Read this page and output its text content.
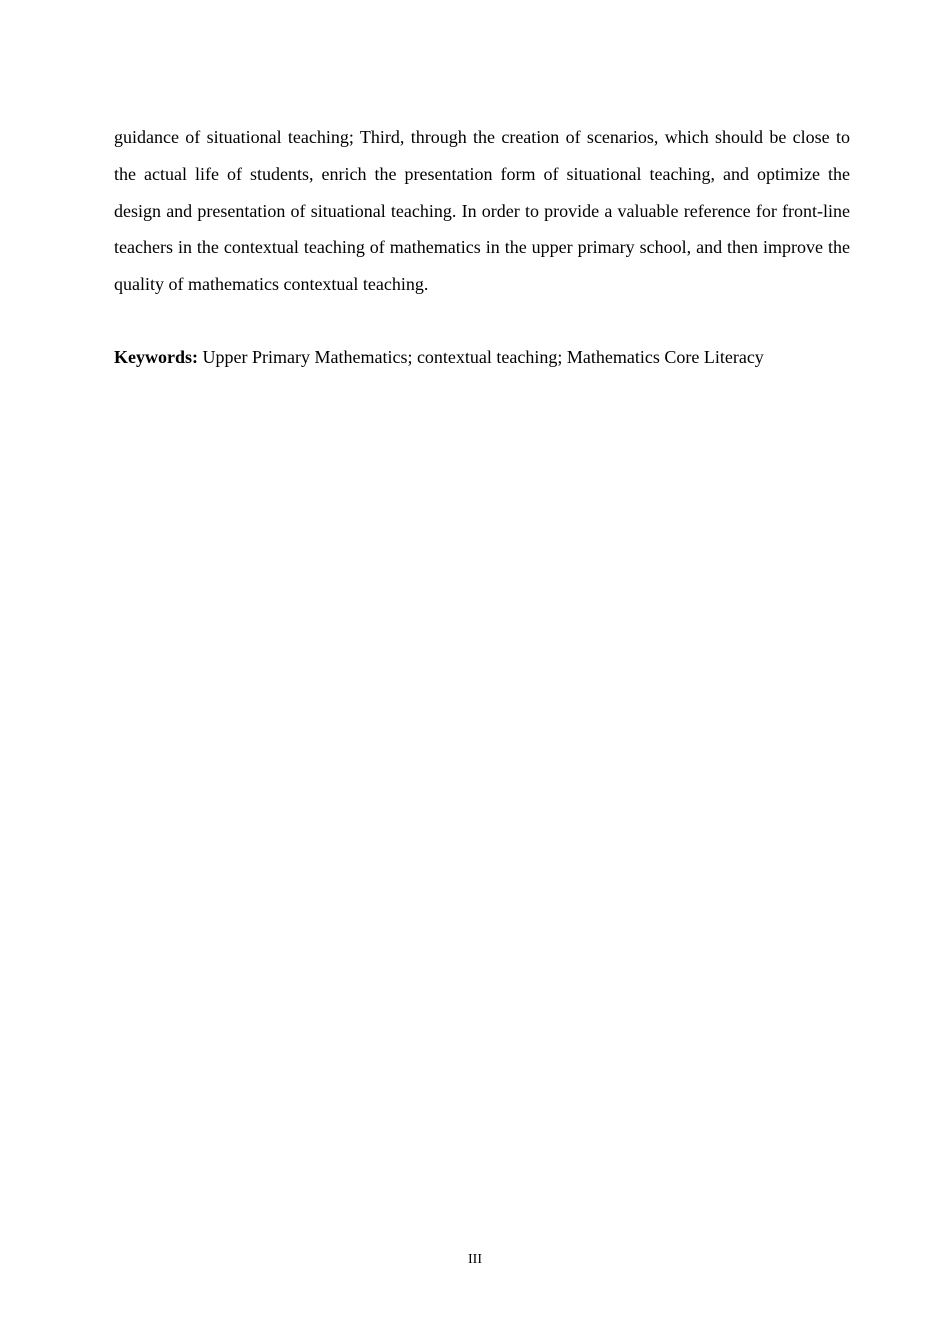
guidance of situational teaching; Third, through the creation of scenarios, which should be close to the actual life of students, enrich the presentation form of situational teaching, and optimize the design and presentation of situational teaching. In order to provide a valuable reference for front-line teachers in the contextual teaching of mathematics in the upper primary school, and then improve the quality of mathematics contextual teaching.

Keywords: Upper Primary Mathematics; contextual teaching; Mathematics Core Literacy

III
